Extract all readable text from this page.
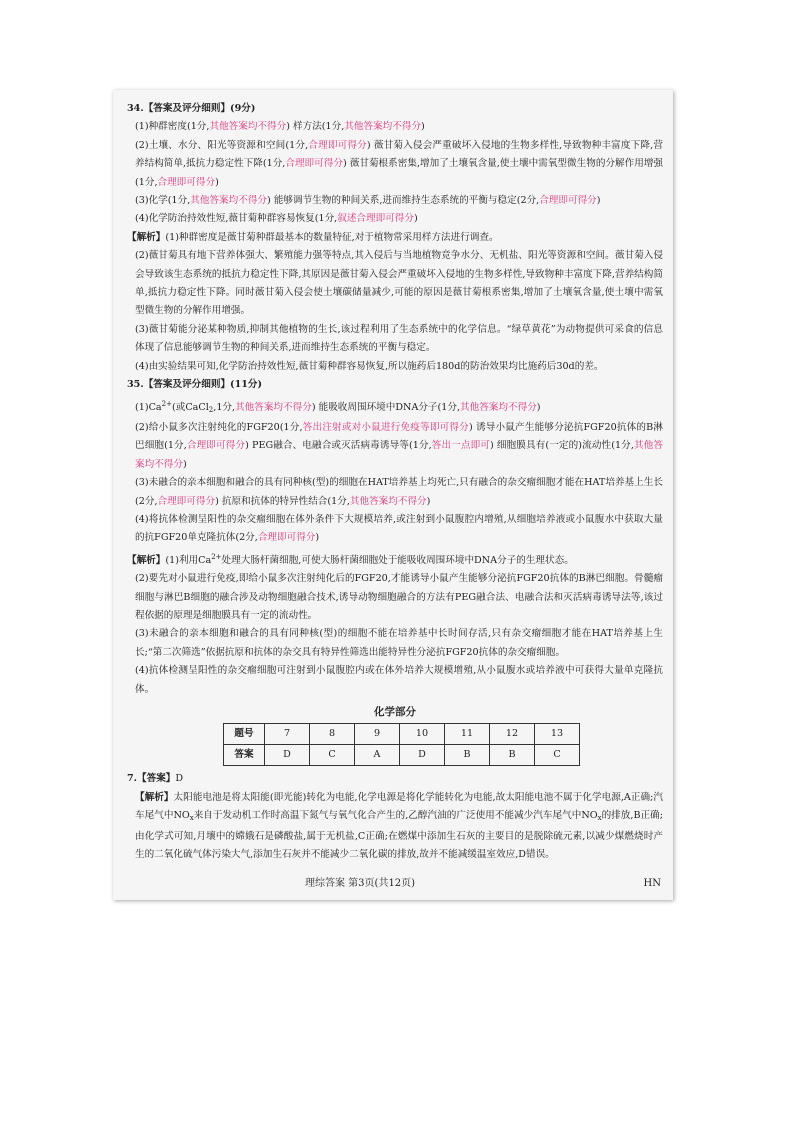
34.【答案及评分细则】(9分)
(1)种群密度(1分,其他答案均不得分) 样方法(1分,其他答案均不得分)
(2)土壤、水分、阳光等资源和空间(1分,合理即可得分) 薇甘菊入侵会严重破坏入侵地的生物多样性,导致物种丰富度下降,营养结构简单,抵抗力稳定性下降(1分,合理即可得分) 薇甘菊根系密集,增加了土壤氧含量,使土壤中需氧型微生物的分解作用增强(1分,合理即可得分)
(3)化学(1分,其他答案均不得分) 能够调节生物的种间关系,进而维持生态系统的平衡与稳定(2分,合理即可得分)
(4)化学防治持效性短,薇甘菊种群容易恢复(1分,叙述合理即可得分)
【解析】(1)种群密度是薇甘菊种群最基本的数量特征,对于植物常采用样方法进行调查。
(2)薇甘菊具有地下营养体强大、繁殖能力强等特点,其入侵后与当地植物竞争水分、无机盐、阳光等资源和空间。薇甘菊入侵会导致该生态系统的抵抗力稳定性下降,其原因是薇甘菊入侵会严重破坏入侵地的生物多样性,导致物种丰富度下降,营养结构简单,抵抗力稳定性下降。同时薇甘菊入侵会使土壤碳储量减少,可能的原因是薇甘菊根系密集,增加了土壤氧含量,使土壤中需氧型微生物的分解作用增强。
(3)薇甘菊能分泌某种物质,抑制其他植物的生长,该过程利用了生态系统中的化学信息。“绿草黄花”为动物提供可采食的信息体现了信息能够调节生物的种间关系,进而维持生态系统的平衡与稳定。
(4)由实验结果可知,化学防治持效性短,薇甘菊种群容易恢复,所以施药后180d的防治效果均比施药后30d的差。
35.【答案及评分细则】(11分)
$(1)Ca^{2+}$(或CaCl$_2$,1分,其他答案均不得分) 能吸收周围环境中DNA分子(1分,其他答案均不得分)
(2)给小鼠多次注射纯化的FGF20(1分,答出注射或对小鼠进行免疫等即可得分) 诱导小鼠产生能够分泌抗FGF20抗体的B淋巴细胞(1分,合理即可得分) PEG融合、电融合或灭活病毒诱导等(1分,答出一点即可) 细胞膜具有(一定的)流动性(1分,其他答案均不得分)
(3)未融合的亲本细胞和融合的具有同种核(型)的细胞在HAT培养基上均死亡,只有融合的杂交瘤细胞才能在HAT培养基上生长(2分,合理即可得分) 抗原和抗体的特异性结合(1分,其他答案均不得分)
(4)将抗体检测呈阳性的杂交瘤细胞在体外条件下大规模培养,或注射到小鼠腹腔内增殖,从细胞培养液或小鼠腹水中获取大量的抗FGF20单克隆抗体(2分,合理即可得分)
【解析】(1)利用$Ca^{2+}$处理大肠杆菌细胞,可使大肠杆菌细胞处于能吸收周围环境中DNA分子的生理状态。
(2)要先对小鼠进行免疫,即给小鼠多次注射纯化后的FGF20,才能诱导小鼠产生能够分泌抗FGF20抗体的B淋巴细胞。骨髓瘤细胞与淋巴B细胞的融合涉及动物细胞融合技术,诱导动物细胞融合的方法有PEG融合法、电融合法和灭活病毒诱导法等,该过程依据的原理是细胞膜具有一定的流动性。
(3)未融合的亲本细胞和融合的具有同种核(型)的细胞不能在培养基中长时间存活,只有杂交瘤细胞才能在HAT培养基上生长;“第二次筛选”依据抗原和抗体的杂交具有特异性筛选出能特异性分泌抗FGF20抗体的杂交瘤细胞。
(4)抗体检测呈阳性的杂交瘤细胞可注射到小鼠腹腔内或在体外培养大规模增殖,从小鼠腹水或培养液中可获得大量单克隆抗体。
化学部分
题号	7	8	9	10	11	12	13
答案	D	C	A	D	B	B	C
7.【答案】D
【解析】太阳能电池是将太阳能(即光能)转化为电能,化学电源是将化学能转化为电能,故太阳能电池不属于化学电源,A正确;汽车尾气中$NO_x$来自于发动机工作时高温下氮气与氧气化合产生的,乙醇汽油的广泛使用不能减少汽车尾气中$NO_x$的排放,B正确;由化学式可知,月壤中的嫦娥石是磷酸盐,属于无机盐,C正确;在燃煤中添加生石灰的主要目的是脱除硫元素,以减少煤燃烧时产生的二氧化硫气体污染大气,添加生石灰并不能减少二氧化碳的排放,故并不能减缓温室效应,D错误。
理综答案 第3页(共12页)	HN
